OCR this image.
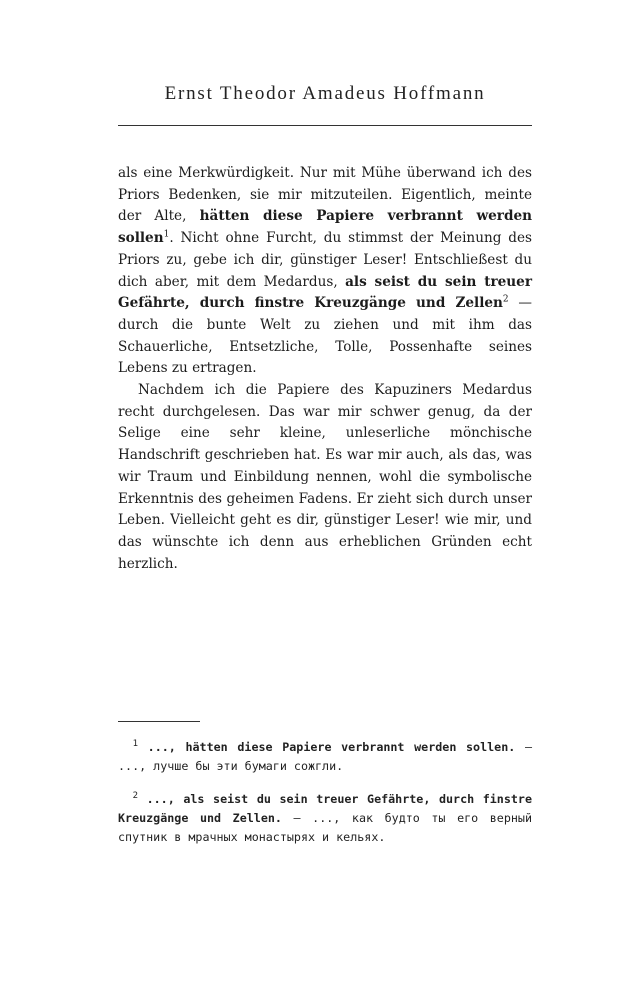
Ernst Theodor Amadeus Hoffmann

als eine Merkwürdigkeit. Nur mit Mühe überwand ich des Priors Bedenken, sie mir mitzuteilen. Eigentlich, meinte der Alte, hätten diese Papiere verbrannt werden sollen$^1$. Nicht ohne Furcht, du stimmst der Meinung des Priors zu, gebe ich dir, günstiger Leser! Entschließest du dich aber, mit dem Medardus, als seist du sein treuer Gefährte, durch finstre Kreuzgänge und Zellen$^2$ — durch die bunte Welt zu ziehen und mit ihm das Schauerliche, Entsetzliche, Tolle, Possenhafte seines Lebens zu ertragen.

Nachdem ich die Papiere des Kapuziners Medardus recht durchgelesen. Das war mir schwer genug, da der Selige eine sehr kleine, unleserliche mönchische Handschrift geschrieben hat. Es war mir auch, als das, was wir Traum und Einbildung nennen, wohl die symbolische Erkenntnis des geheimen Fadens. Er zieht sich durch unser Leben. Vielleicht geht es dir, günstiger Leser! wie mir, und das wünschte ich denn aus erheblichen Gründen echt herzlich.

1 ..., hätten diese Papiere verbrannt werden sollen. — ..., лучше бы эти бумаги сожгли.

2 ..., als seist du sein treuer Gefährte, durch finstre Kreuzgänge und Zellen. — ..., как будто ты его верный спутник в мрачных монастырях и кельях.
